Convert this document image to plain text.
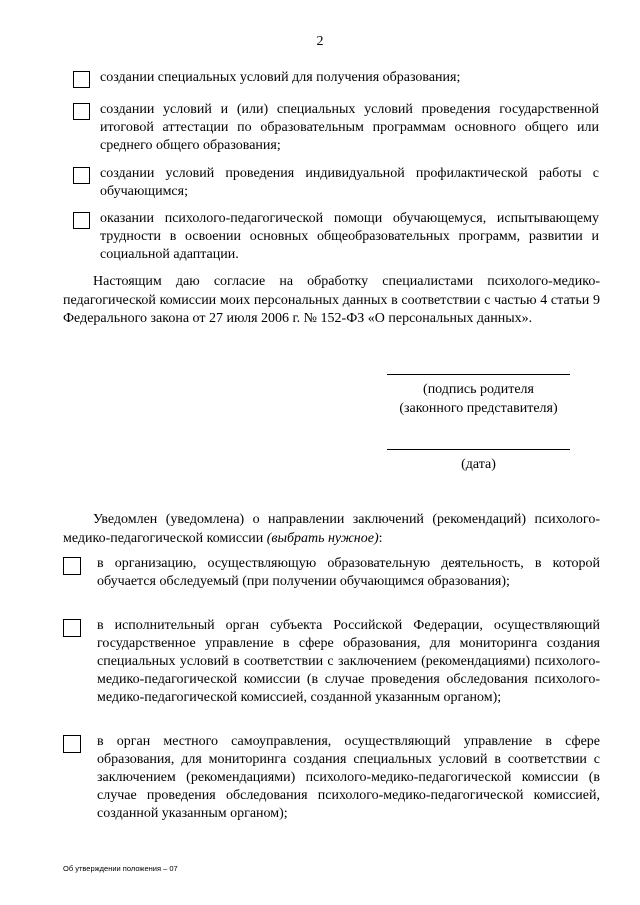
2
создании специальных условий для получения образования;
создании условий и (или) специальных условий проведения государственной итоговой аттестации по образовательным программам основного общего или среднего общего образования;
создании условий проведения индивидуальной профилактической работы с обучающимся;
оказании психолого-педагогической помощи обучающемуся, испытывающему трудности в освоении основных общеобразовательных программ, развитии и социальной адаптации.
Настоящим даю согласие на обработку специалистами психолого-медико-педагогической комиссии моих персональных данных в соответствии с частью 4 статьи 9 Федерального закона от 27 июля 2006 г. № 152-ФЗ «О персональных данных».
(подпись родителя
(законного представителя)
(дата)
Уведомлен (уведомлена) о направлении заключений (рекомендаций) психолого-медико-педагогической комиссии (выбрать нужное):
в организацию, осуществляющую образовательную деятельность, в которой обучается обследуемый (при получении обучающимся образования);
в исполнительный орган субъекта Российской Федерации, осуществляющий государственное управление в сфере образования, для мониторинга создания специальных условий в соответствии с заключением (рекомендациями) психолого-медико-педагогической комиссии (в случае проведения обследования психолого-медико-педагогической комиссией, созданной указанным органом);
в орган местного самоуправления, осуществляющий управление в сфере образования, для мониторинга создания специальных условий в соответствии с заключением (рекомендациями) психолого-медико-педагогической комиссии (в случае проведения обследования психолого-медико-педагогической комиссией, созданной указанным органом);
Об утверждении положения – 07
